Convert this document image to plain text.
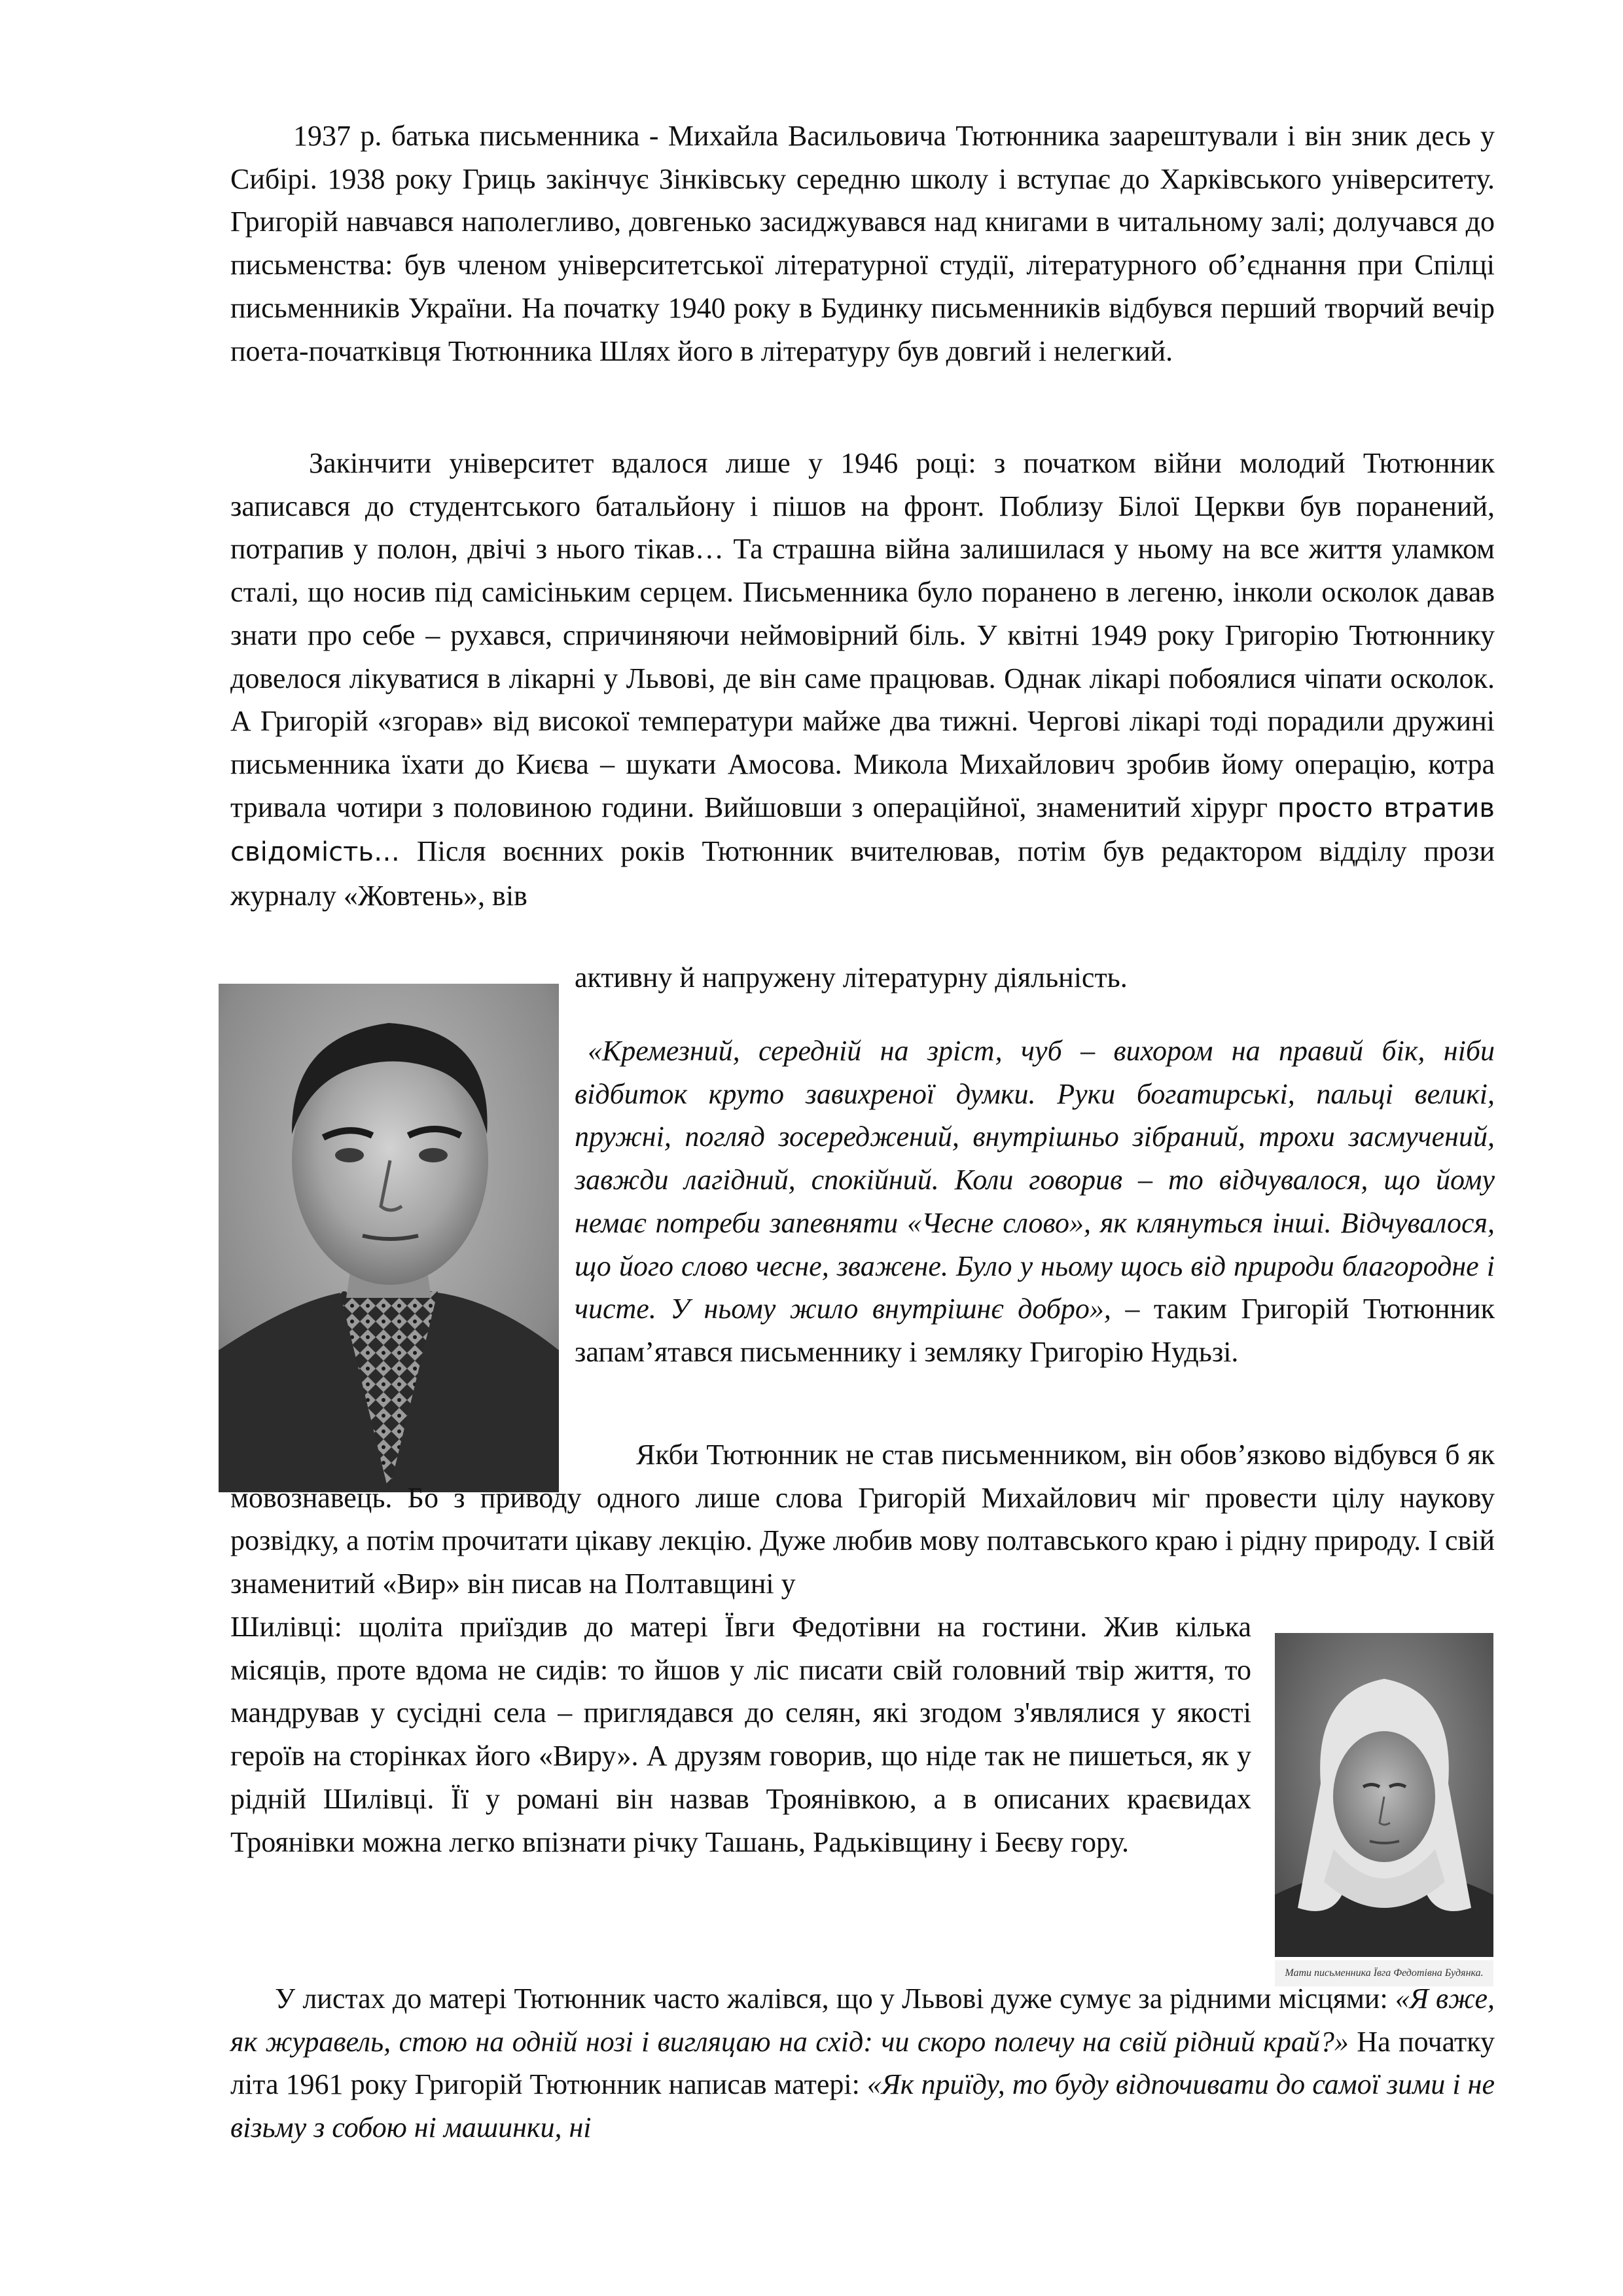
1937 р. батька письменника - Михайла Васильовича Тютюнника заарештували і він зник десь у Сибірі. 1938 року Гриць закінчує Зінківську середню школу і вступає до Харківського університету. Григорій навчався наполегливо, довгенько засиджувався над книгами в читальному залі; долучався до письменства: був членом університетської літературної студії, літературного об’єднання при Спілці письменників України. На початку 1940 року в Будинку письменників відбувся перший творчий вечір поета-початківця Тютюнника Шлях його в літературу був довгий і нелегкий.

Закінчити університет вдалося лише у 1946 році: з початком війни молодий Тютюнник записався до студентського батальйону і пішов на фронт. Поблизу Білої Церкви був поранений, потрапив у полон, двічі з нього тікав… Та страшна війна залишилася у ньому на все життя уламком сталі, що носив під самісіньким серцем. Письменника було поранено в легеню, інколи осколок давав знати про себе – рухався, спричиняючи неймовірний біль. У квітні 1949 року Григорію Тютюннику довелося лікуватися в лікарні у Львові, де він саме працював. Однак лікарі побоялися чіпати осколок. А Григорій «згорав» від високої температури майже два тижні. Чергові лікарі тоді порадили дружині письменника їхати до Києва – шукати Амосова. Микола Михайлович зробив йому операцію, котра тривала чотири з половиною години. Вийшовши з операційної, знаменитий хірург просто втратив свідомість… Після воєнних років Тютюнник вчителював, потім був редактором відділу прози журналу «Жовтень», вів

активну й напружену літературну діяльність.

«Кремезний, середній на зріст, чуб – вихором на правий бік, ніби відбиток круто завихреної думки. Руки богатирські, пальці великі, пружні, погляд зосереджений, внутрішньо зібраний, трохи засмучений, завжди лагідний, спокійний. Коли говорив – то відчувалося, що йому немає потреби запевняти «Чесне слово», як клянуться інші. Відчувалося, що його слово чесне, зважене. Було у ньому щось від природи благородне і чисте. У ньому жило внутрішнє добро», – таким Григорій Тютюнник запам’ятався письменнику і земляку Григорію Нудьзі.

Якби Тютюнник не став письменником, він обов’язково відбувся б як мовознавець. Бо з приводу одного лише слова Григорій Михайлович міг провести цілу наукову розвідку, а потім прочитати цікаву лекцію. Дуже любив мову полтавського краю і рідну природу. І свій знаменитий «Вир» він писав на Полтавщині у

Шилівці: щоліта приїздив до матері Ївги Федотівни на гостини. Жив кілька місяців, проте вдома не сидів: то йшов у ліс писати свій головний твір життя, то мандрував у сусідні села – приглядався до селян, які згодом з'являлися у якості героїв на сторінках його «Виру». А друзям говорив, що ніде так не пишеться, як у рідній Шилівці. Її у романі він назвав Троянівкою, а в описаних краєвидах Троянівки можна легко впізнати річку Ташань, Радьківщину і Беєву гору.
Мати письменника Ївга Федотівна Будянка.

У листах до матері Тютюнник часто жалівся, що у Львові дуже сумує за рідними місцями: «Я вже, як журавель, стою на одній нозі і вигляцаю на схід: чи скоро полечу на свій рідний край?» На початку літа 1961 року Григорій Тютюнник написав матері: «Як приїду, то буду відпочивати до самої зими і не візьму з собою ні машинки, ні
